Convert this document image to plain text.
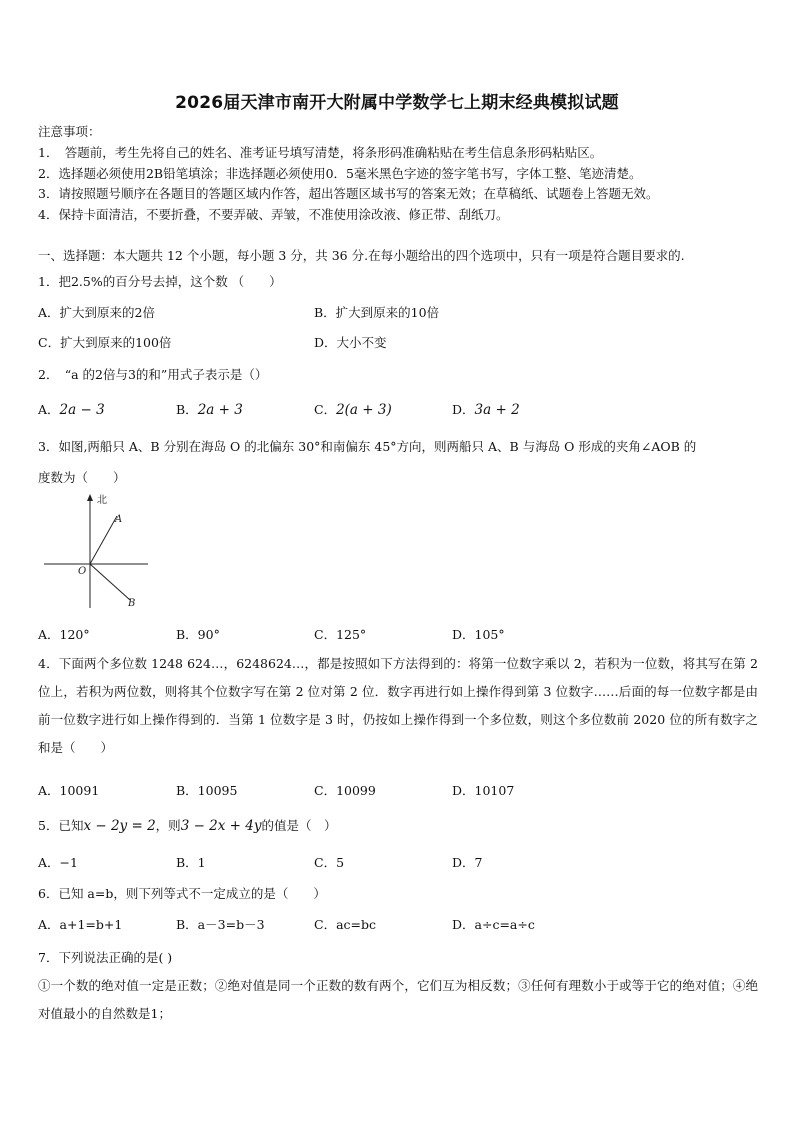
2026届天津市南开大附属中学数学七上期末经典模拟试题
注意事项：
1．　答题前，考生先将自己的姓名、准考证号填写清楚，将条形码准确粘贴在考生信息条形码粘贴区。
2．选择题必须使用2B铅笔填涂；非选择题必须使用0．5毫米黑色字迹的签字笔书写，字体工整、笔迹清楚。
3．请按照题号顺序在各题目的答题区域内作答，超出答题区域书写的答案无效；在草稿纸、试题卷上答题无效。
4．保持卡面清洁，不要折叠，不要弄破、弄皱，不准使用涂改液、修正带、刮纸刀。
一、选择题：本大题共 12 个小题，每小题 3 分，共 36 分.在每小题给出的四个选项中，只有一项是符合题目要求的.
1．把2.5%的百分号去掉，这个数 （　　）
A．扩大到原来的2倍	B．扩大到原来的10倍
C．扩大到原来的100倍	D．大小不变
2．　“a 的2倍与3的和”用式子表示是（）
A．2a − 3	B．2a + 3	C．2(a + 3)	D．3a + 2
3．如图,两船只 A、B 分别在海岛 O 的北偏东 30°和南偏东 45°方向，则两船只 A、B 与海岛 O 形成的夹角∠AOB 的
度数为（　　）
北
A
O
B
A．120°	B．90°	C．125°	D．105°
4．下面两个多位数 1248 624…，6248624…，都是按照如下方法得到的：将第一位数字乘以 2，若积为一位数，将其写在第 2 位上，若积为两位数，则将其个位数字写在第 2 位对第 2 位．数字再进行如上操作得到第 3 位数字……后面的每一位数字都是由前一位数字进行如上操作得到的．当第 1 位数字是 3 时，仍按如上操作得到一个多位数，则这个多位数前 2020 位的所有数字之和是（　　）
A．10091	B．10095	C．10099	D．10107
5．已知x − 2y = 2，则3 − 2x + 4y的值是（　）
A．−1	B．1	C．5	D．7
6．已知 a=b，则下列等式不一定成立的是（　　）
A．a+1=b+1	B．a－3=b－3	C．ac=bc	D．a÷c=a÷c
7．下列说法正确的是( )
①一个数的绝对值一定是正数；②绝对值是同一个正数的数有两个，它们互为相反数；③任何有理数小于或等于它的绝对值；④绝对值最小的自然数是1；
